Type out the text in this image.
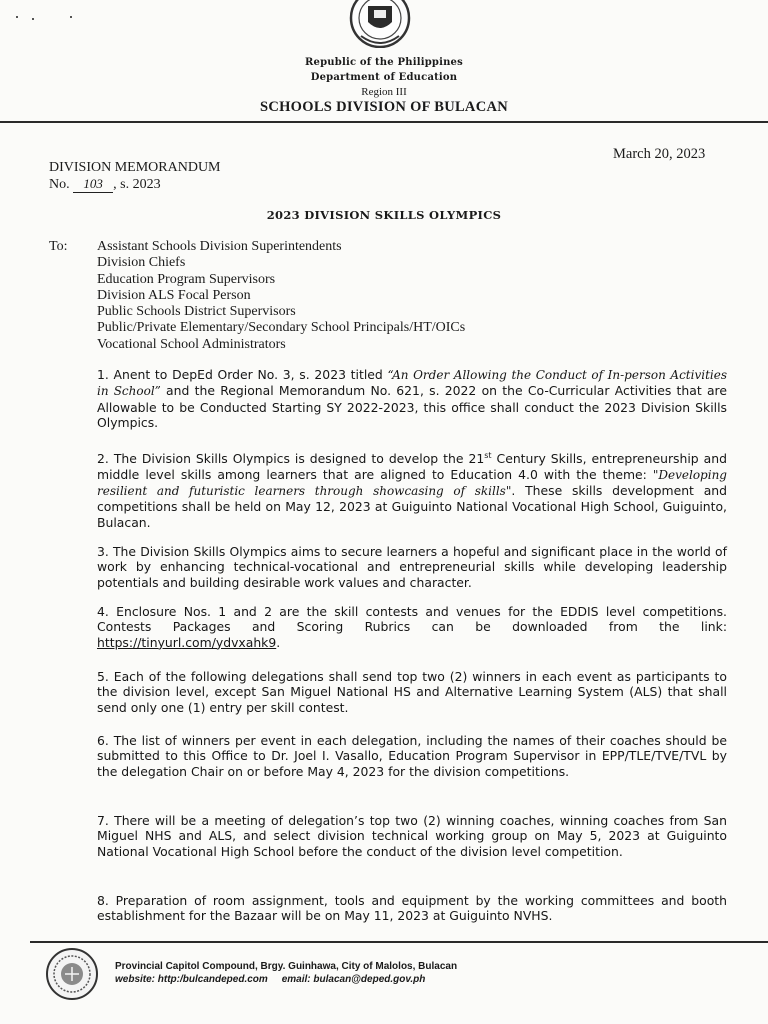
Republic of the Philippines
Department of Education
Region III
SCHOOLS DIVISION OF BULACAN
March 20, 2023
DIVISION MEMORANDUM
No. 103 , s. 2023
2023 DIVISION SKILLS OLYMPICS
To: Assistant Schools Division Superintendents
Division Chiefs
Education Program Supervisors
Division ALS Focal Person
Public Schools District Supervisors
Public/Private Elementary/Secondary School Principals/HT/OICs
Vocational School Administrators

1. Anent to DepEd Order No. 3, s. 2023 titled “An Order Allowing the Conduct of In-person Activities in School” and the Regional Memorandum No. 621, s. 2022 on the Co-Curricular Activities that are Allowable to be Conducted Starting SY 2022-2023, this office shall conduct the 2023 Division Skills Olympics.

2. The Division Skills Olympics is designed to develop the 21st Century Skills, entrepreneurship and middle level skills among learners that are aligned to Education 4.0 with the theme: "Developing resilient and futuristic learners through showcasing of skills". These skills development and competitions shall be held on May 12, 2023 at Guiguinto National Vocational High School, Guiguinto, Bulacan.

3. The Division Skills Olympics aims to secure learners a hopeful and significant place in the world of work by enhancing technical-vocational and entrepreneurial skills while developing leadership potentials and building desirable work values and character.

4. Enclosure Nos. 1 and 2 are the skill contests and venues for the EDDIS level competitions. Contests Packages and Scoring Rubrics can be downloaded from the link: https://tinyurl.com/ydvxahk9.

5. Each of the following delegations shall send top two (2) winners in each event as participants to the division level, except San Miguel National HS and Alternative Learning System (ALS) that shall send only one (1) entry per skill contest.

6. The list of winners per event in each delegation, including the names of their coaches should be submitted to this Office to Dr. Joel I. Vasallo, Education Program Supervisor in EPP/TLE/TVE/TVL by the delegation Chair on or before May 4, 2023 for the division competitions.

7. There will be a meeting of delegation’s top two (2) winning coaches, winning coaches from San Miguel NHS and ALS, and select division technical working group on May 5, 2023 at Guiguinto National Vocational High School before the conduct of the division level competition.

8. Preparation of room assignment, tools and equipment by the working committees and booth establishment for the Bazaar will be on May 11, 2023 at Guiguinto NVHS.

Provincial Capitol Compound, Brgy. Guinhawa, City of Malolos, Bulacan
website: http:/bulcandeped.com email: bulacan@deped.gov.ph
